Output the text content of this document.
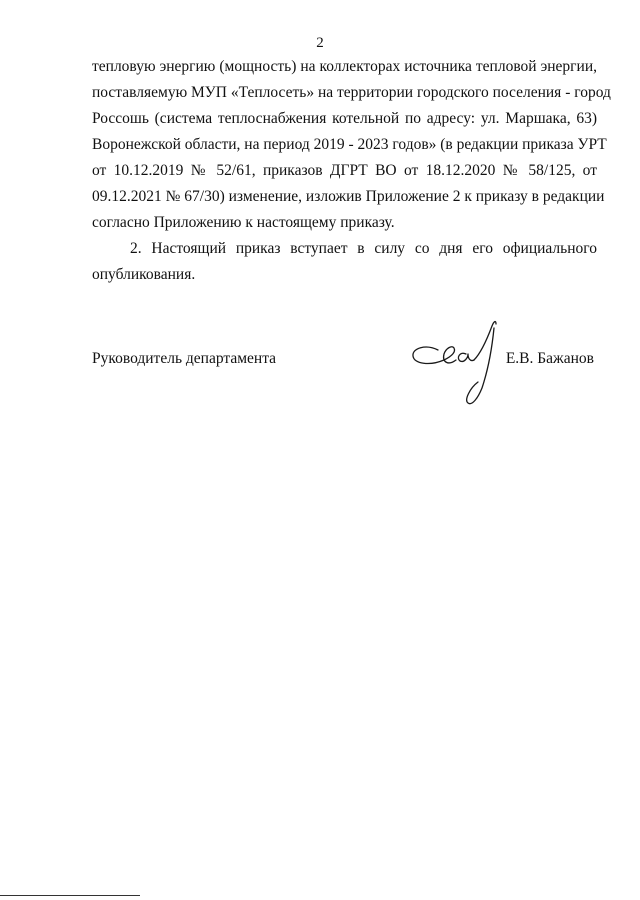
2

тепловую энергию (мощность) на коллекторах источника тепловой энергии,
поставляемую МУП «Теплосеть» на территории городского поселения - город
Россошь (система теплоснабжения котельной по адресу: ул. Маршака, 63)
Воронежской области, на период 2019 - 2023 годов» (в редакции приказа УРТ
от 10.12.2019 № 52/61, приказов ДГРТ ВО от 18.12.2020 № 58/125, от
09.12.2021 № 67/30) изменение, изложив Приложение 2 к приказу в редакции
согласно Приложению к настоящему приказу.

2. Настоящий приказ вступает в силу со дня его официального
опубликования.

Руководитель департамента	Е.В. Бажанов
